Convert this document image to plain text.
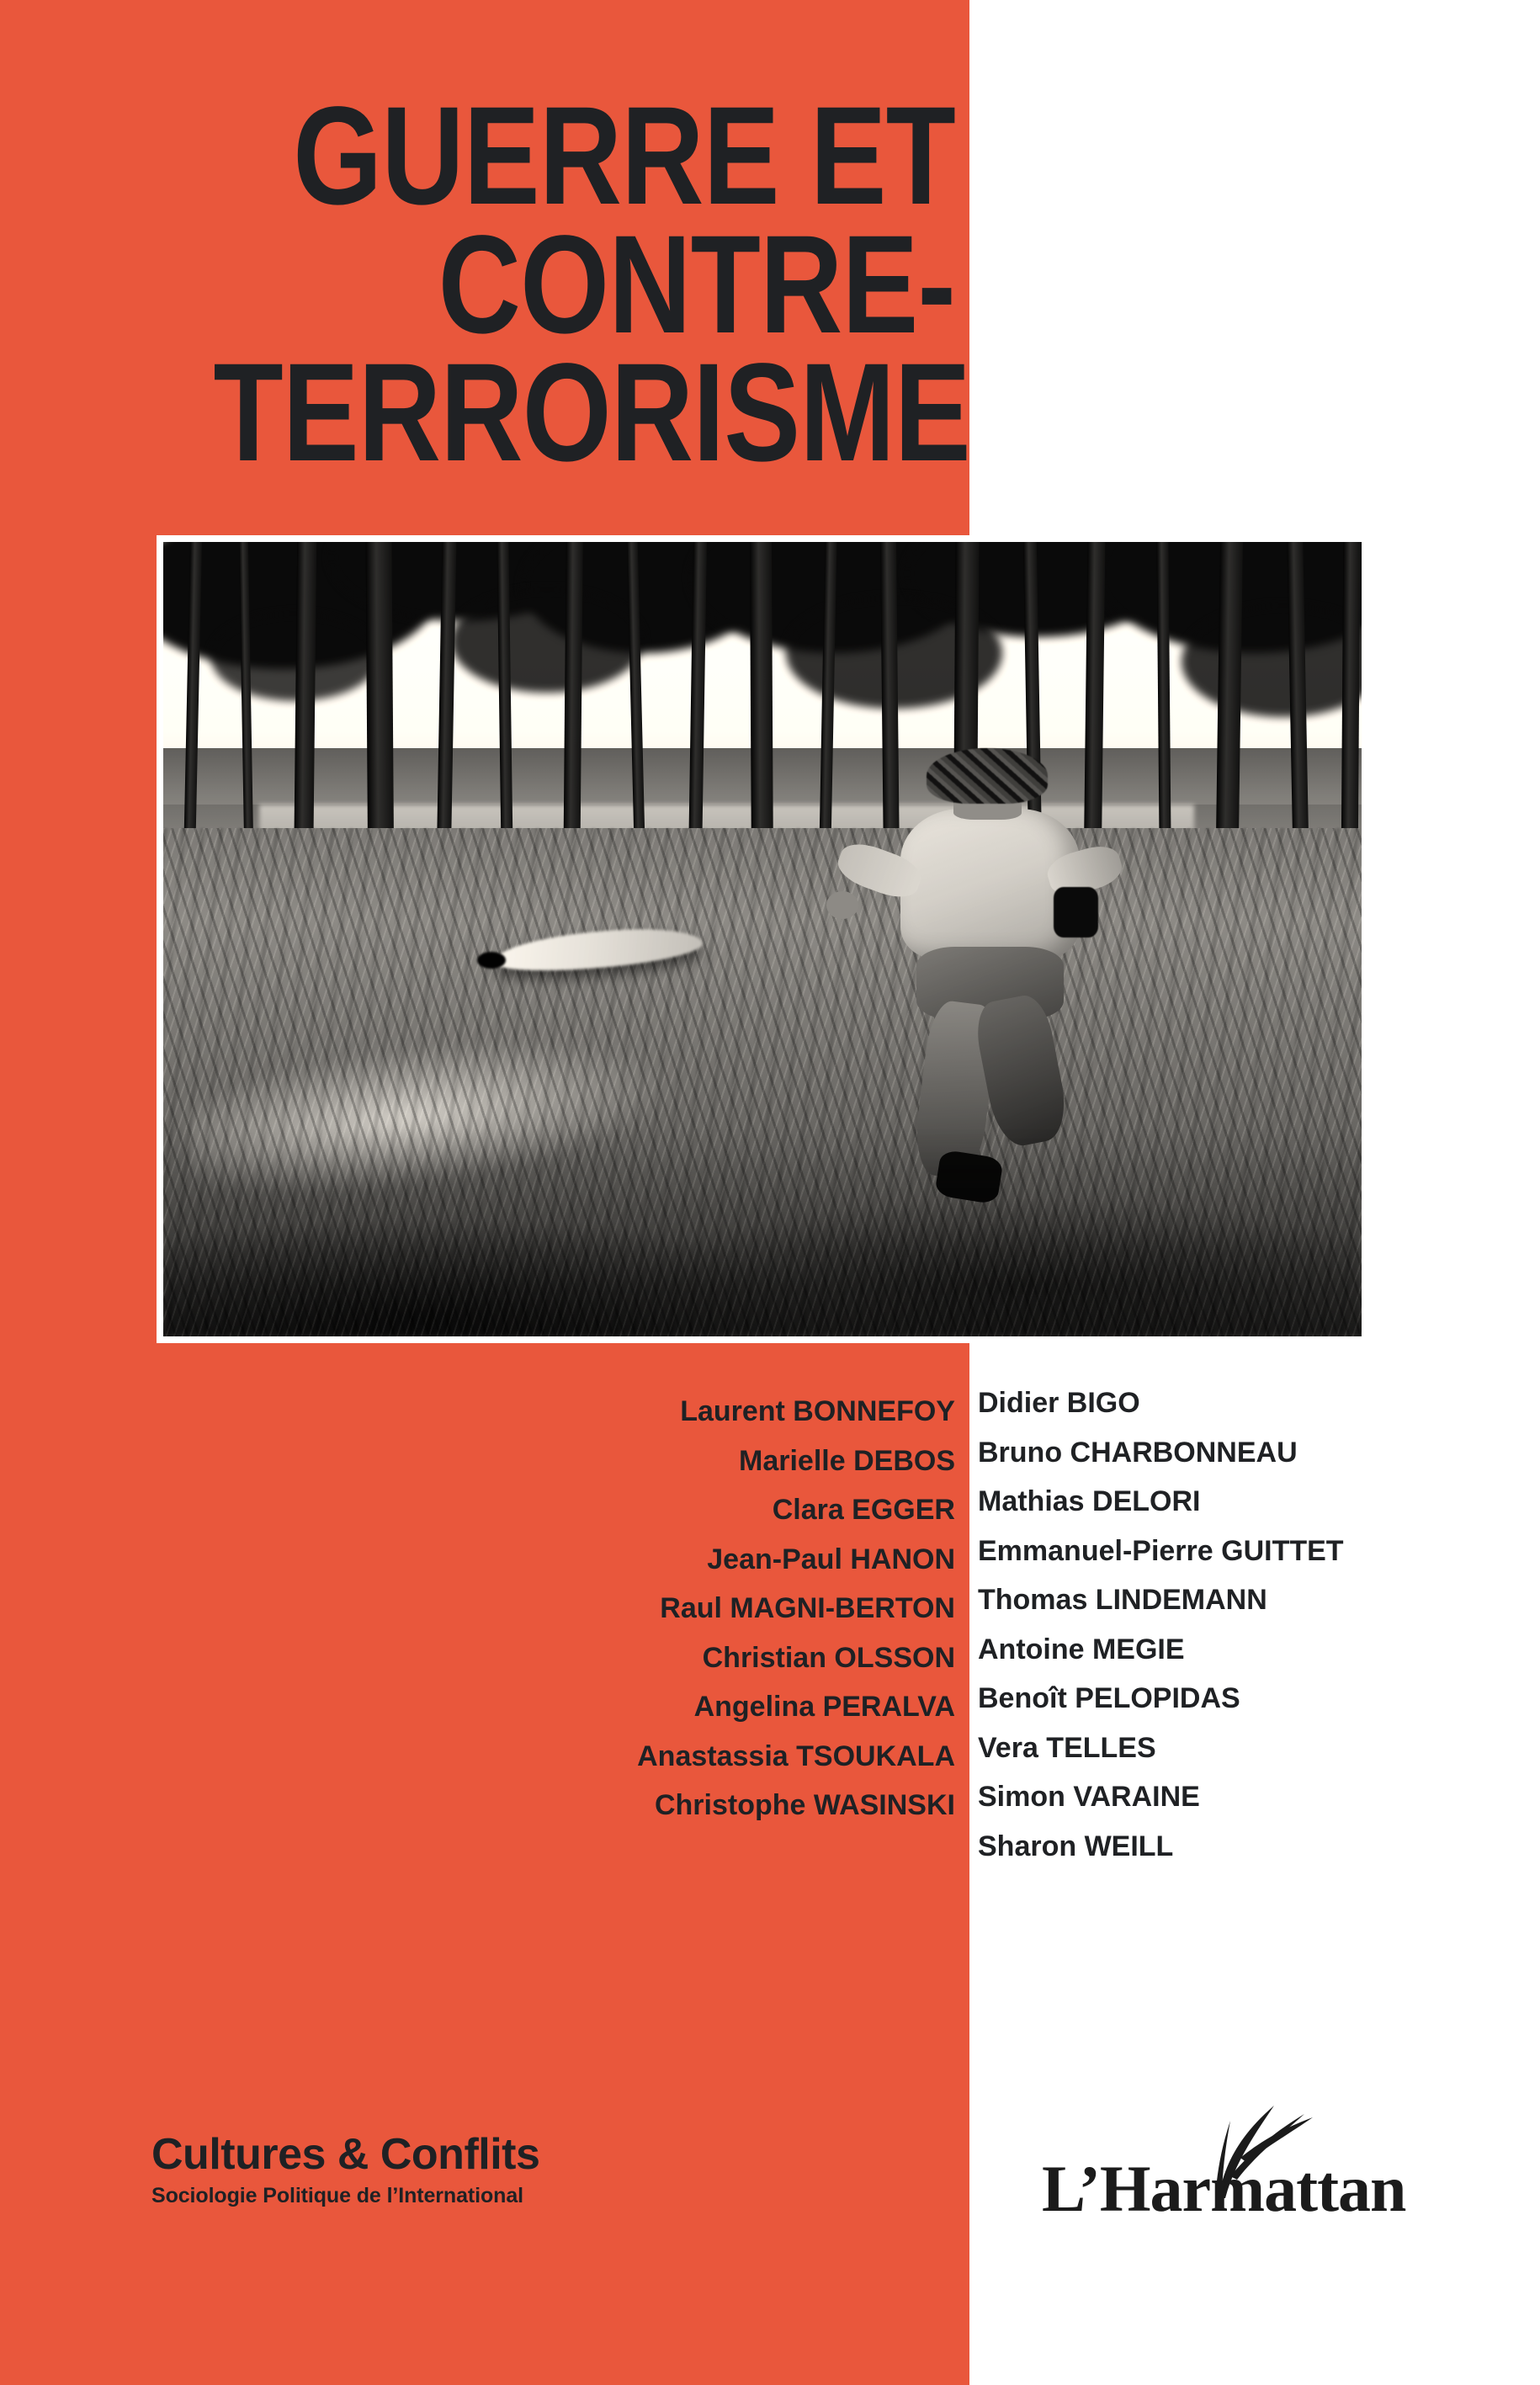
GUERRE ET
CONTRE-
TERRORISME
Laurent BONNEFOY
Marielle DEBOS
Clara EGGER
Jean-Paul HANON
Raul MAGNI-BERTON
Christian OLSSON
Angelina PERALVA
Anastassia TSOUKALA
Christophe WASINSKI
Didier BIGO
Bruno CHARBONNEAU
Mathias DELORI
Emmanuel-Pierre GUITTET
Thomas LINDEMANN
Antoine MEGIE
Benoît PELOPIDAS
Vera TELLES
Simon VARAINE
Sharon WEILL
Cultures & Conflits
Sociologie Politique de l’International	L’Harmattan
